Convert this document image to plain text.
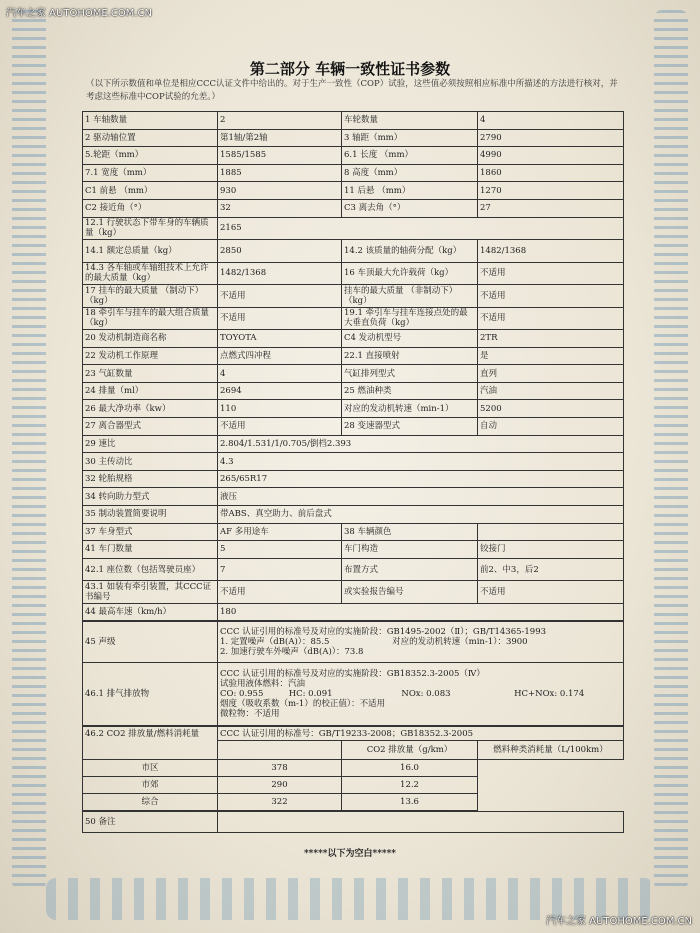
汽车之家 AUTOHOME.COM.CN
汽车之家 AUTOHOME.COM.CN
第二部分 车辆一致性证书参数
（以下所示数值和单位是相应CCC认证文件中给出的。对于生产一致性（COP）试验，这些值必须按照相应标准中所描述的方法进行核对，并考虑这些标准中COP试验的允差。）
1 车轴数量	2	车轮数量	4
2 驱动轴位置	第1轴/第2轴	3 轴距（mm）	2790
5.轮距（mm）	1585/1585	6.1 长度 （mm）	4990
7.1 宽度（mm）	1885	8 高度（mm）	1860
C1 前悬 （mm）	930	11 后悬 （mm）	1270
C2 接近角（°）	32	C3 离去角（°）	27
12.1 行驶状态下带车身的车辆质量（kg）	2165		
14.1 额定总质量（kg）	2850	14.2 该质量的轴荷分配（kg）	1482/1368
14.3 各车轴或车轴组技术上允许的最大质量（kg）	1482/1368	16 车顶最大允许载荷（kg）	不适用
17 挂车的最大质量 （制动下）（kg）	不适用	挂车的最大质量 （非制动下）（kg）	不适用
18 牵引车与挂车的最大组合质量（kg）	不适用	19.1 牵引车与挂车连接点处的最大垂直负荷（kg）	不适用
20 发动机制造商名称	TOYOTA	C4 发动机型号	2TR
22 发动机工作原理	点燃式四冲程	22.1 直接喷射	是
23 气缸数量	4	气缸排列型式	直列
24 排量（ml）	2694	25 燃油种类	汽油
26 最大净功率（kw）	110	对应的发动机转速（min-1）	5200
27 离合器型式	不适用	28 变速器型式	自动
29 速比	2.804/1.531/1/0.705/倒档2.393		
30 主传动比	4.3		
32 轮胎规格	265/65R17		
34 转向助力型式	液压		
35 制动装置简要说明	带ABS、真空助力、前后盘式		
37 车身型式	AF 多用途车	38 车辆颜色	
41 车门数量	5	车门构造	铰接门
42.1 座位数（包括驾驶员座）	7	布置方式	前2、中3，后2
43.1 如装有牵引装置，其CCC证书编号	不适用	或实验报告编号	不适用
44 最高车速（km/h）	180		
45 声级	CCC 认证引用的标准号及对应的实施阶段：GB1495-2002（Ⅱ）；GB/T14365-1993
1. 定置噪声（dB(A)）：85.5 对应的发动机转速（min-1）：3900
2. 加速行驶车外噪声（dB(A)）：73.8

46.1 排气排放物	CCC 认证引用的标准号及对应的实施阶段：GB18352.3-2005（Ⅳ）
试验用液体燃料：汽油
CO: 0.955 HC: 0.091 NOx: 0.083 HC+NOx: 0.174
烟度（吸收系数（m-1）的校正值）：不适用
微粒物：不适用
46.2 CO2 排放量/燃料消耗量	CCC 认证引用的标准号：GB/T19233-2008；GB18352.3-2005		
		CO2 排放量（g/km）	燃料种类消耗量（L/100km）
市区	378	16.0	
市郊	290	12.2	
综合	322	13.6	
50 备注	
*****以下为空白*****
